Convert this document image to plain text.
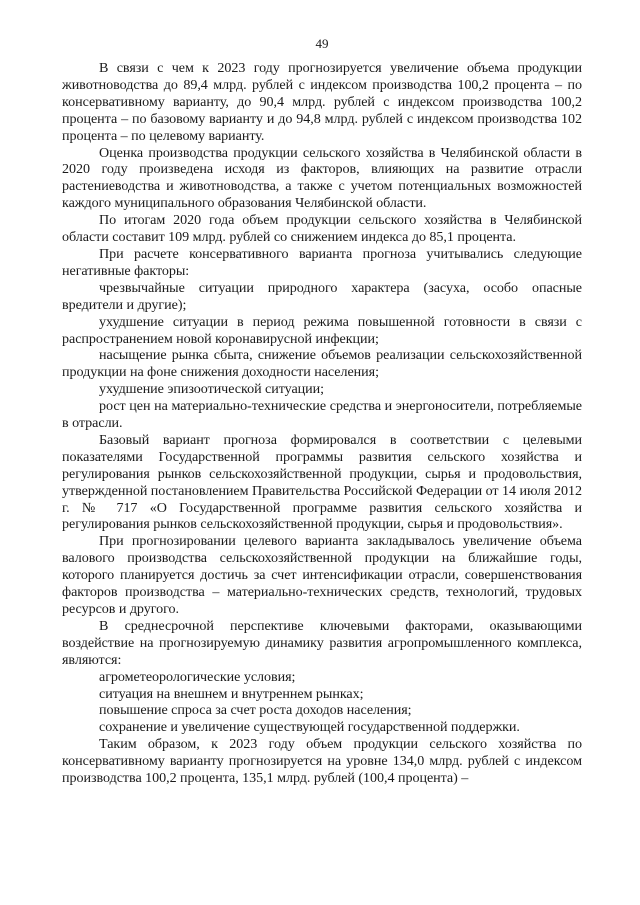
49

В связи с чем к 2023 году прогнозируется увеличение объема продукции животноводства до 89,4 млрд. рублей с индексом производства 100,2 процента – по консервативному варианту, до 90,4 млрд. рублей с индексом производства 100,2 процента – по базовому варианту и до 94,8 млрд. рублей с индексом производства 102 процента – по целевому варианту.

Оценка производства продукции сельского хозяйства в Челябинской области в 2020 году произведена исходя из факторов, влияющих на развитие отрасли растениеводства и животноводства, а также с учетом потенциальных возможностей каждого муниципального образования Челябинской области.

По итогам 2020 года объем продукции сельского хозяйства в Челябинской области составит 109 млрд. рублей со снижением индекса до 85,1 процента.

При расчете консервативного варианта прогноза учитывались следующие негативные факторы:

чрезвычайные ситуации природного характера (засуха, особо опасные вредители и другие);

ухудшение ситуации в период режима повышенной готовности в связи с распространением новой коронавирусной инфекции;

насыщение рынка сбыта, снижение объемов реализации сельскохозяйственной продукции на фоне снижения доходности населения;

ухудшение эпизоотической ситуации;

рост цен на материально-технические средства и энергоносители, потребляемые в отрасли.

Базовый вариант прогноза формировался в соответствии с целевыми показателями Государственной программы развития сельского хозяйства и регулирования рынков сельскохозяйственной продукции, сырья и продовольствия, утвержденной постановлением Правительства Российской Федерации от 14 июля 2012 г. № 717 «О Государственной программе развития сельского хозяйства и регулирования рынков сельскохозяйственной продукции, сырья и продовольствия».

При прогнозировании целевого варианта закладывалось увеличение объема валового производства сельскохозяйственной продукции на ближайшие годы, которого планируется достичь за счет интенсификации отрасли, совершенствования факторов производства – материально-технических средств, технологий, трудовых ресурсов и другого.

В среднесрочной перспективе ключевыми факторами, оказывающими воздействие на прогнозируемую динамику развития агропромышленного комплекса, являются:

агрометеорологические условия;

ситуация на внешнем и внутреннем рынках;

повышение спроса за счет роста доходов населения;

сохранение и увеличение существующей государственной поддержки.

Таким образом, к 2023 году объем продукции сельского хозяйства по консервативному варианту прогнозируется на уровне 134,0 млрд. рублей с индексом производства 100,2 процента, 135,1 млрд. рублей (100,4 процента) –
